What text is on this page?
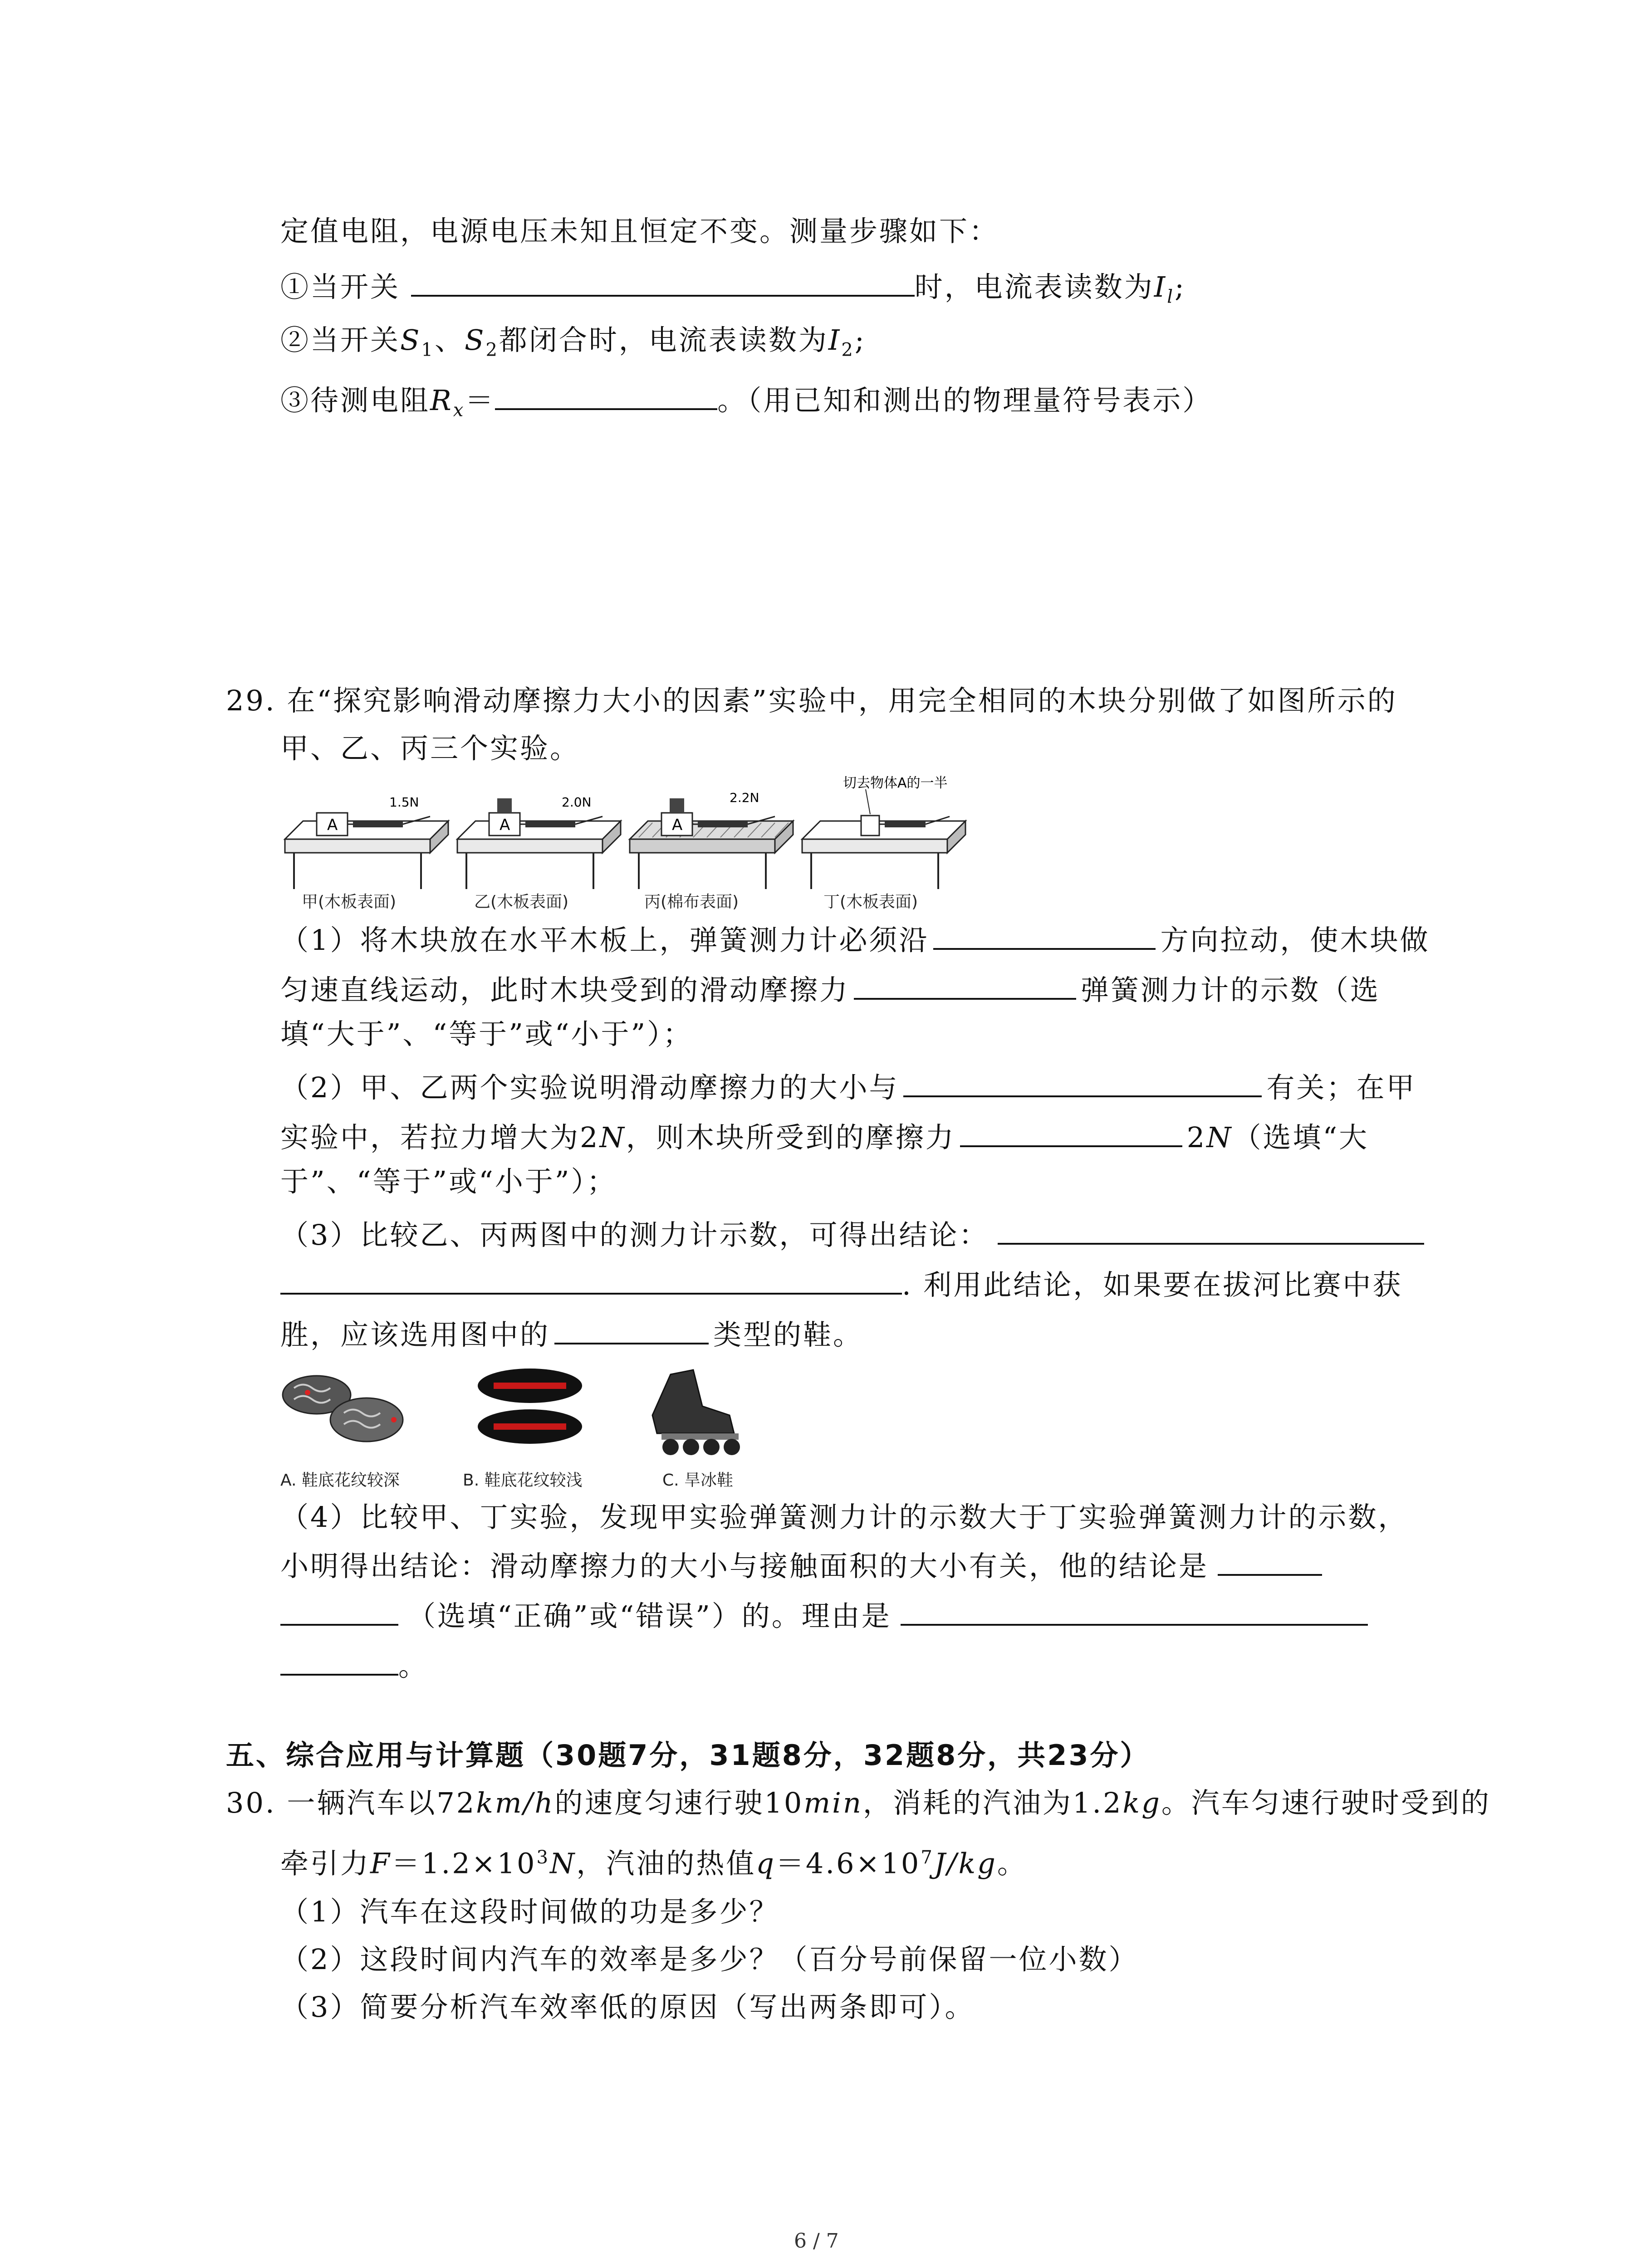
定值电阻，电源电压未知且恒定不变。测量步骤如下：
①当开关	时，电流表读数为$I_l$;
②当开关$S_1$、$S_2$都闭合时，电流表读数为$I_2$;
③待测电阻$R_x=$	。（用已知和测出的物理量符号表示）
29. 在“探究影响滑动摩擦力大小的因素”实验中，用完全相同的木块分别做了如图所示的
甲、乙、丙三个实验。
A
1.5N
A
2.0N
A
2.2N
切去物体A的一半
甲(木板表面)	乙(木板表面)	丙(棉布表面)	丁(木板表面)
（1）将木块放在水平木板上，弹簧测力计必须沿	方向拉动，使木块做
匀速直线运动，此时木块受到的滑动摩擦力	弹簧测力计的示数（选
填“大于”、“等于”或“小于”）；
（2）甲、乙两个实验说明滑动摩擦力的大小与	有关；在甲
实验中，若拉力增大为2N，则木块所受到的摩擦力	2N（选填“大
于”、“等于”或“小于”）；
（3）比较乙、丙两图中的测力计示数，可得出结论：
. 利用此结论，如果要在拔河比赛中获
胜，应该选用图中的	类型的鞋。
A. 鞋底花纹较深	B. 鞋底花纹较浅	C. 旱冰鞋
（4）比较甲、丁实验，发现甲实验弹簧测力计的示数大于丁实验弹簧测力计的示数，
小明得出结论：滑动摩擦力的大小与接触面积的大小有关，他的结论是
（选填“正确”或“错误”）的。理由是
。
五、综合应用与计算题（30题7分，31题8分，32题8分，共23分）
30. 一辆汽车以72km/h的速度匀速行驶10min，消耗的汽油为1.2kg。汽车匀速行驶时受到的
牵引力$F=1.2\times 10^3N$，汽油的热值$q=4.6\times 10^7J/kg$。
（1）汽车在这段时间做的功是多少？
（2）这段时间内汽车的效率是多少？（百分号前保留一位小数）
（3）简要分析汽车效率低的原因（写出两条即可）。
6 / 7
